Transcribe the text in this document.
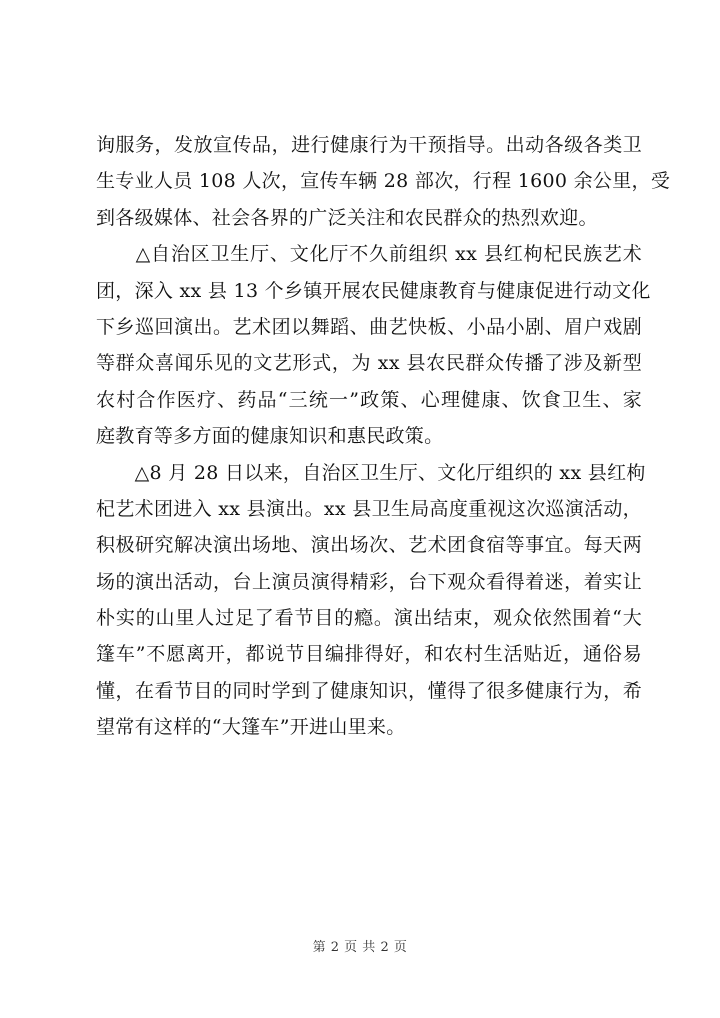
询服务，发放宣传品，进行健康行为干预指导。出动各级各类卫
生专业人员 108 人次，宣传车辆 28 部次，行程 1600 余公里，受
到各级媒体、社会各界的广泛关注和农民群众的热烈欢迎。
　　△自治区卫生厅、文化厅不久前组织 xx 县红枸杞民族艺术
团，深入 xx 县 13 个乡镇开展农民健康教育与健康促进行动文化
下乡巡回演出。艺术团以舞蹈、曲艺快板、小品小剧、眉户戏剧
等群众喜闻乐见的文艺形式，为 xx 县农民群众传播了涉及新型
农村合作医疗、药品“三统一”政策、心理健康、饮食卫生、家
庭教育等多方面的健康知识和惠民政策。
　　△8 月 28 日以来，自治区卫生厅、文化厅组织的 xx 县红枸
杞艺术团进入 xx 县演出。xx 县卫生局高度重视这次巡演活动，
积极研究解决演出场地、演出场次、艺术团食宿等事宜。每天两
场的演出活动，台上演员演得精彩，台下观众看得着迷，着实让
朴实的山里人过足了看节目的瘾。演出结束，观众依然围着“大
篷车”不愿离开，都说节目编排得好，和农村生活贴近，通俗易
懂，在看节目的同时学到了健康知识，懂得了很多健康行为，希
望常有这样的“大篷车”开进山里来。
第 2 页 共 2 页
